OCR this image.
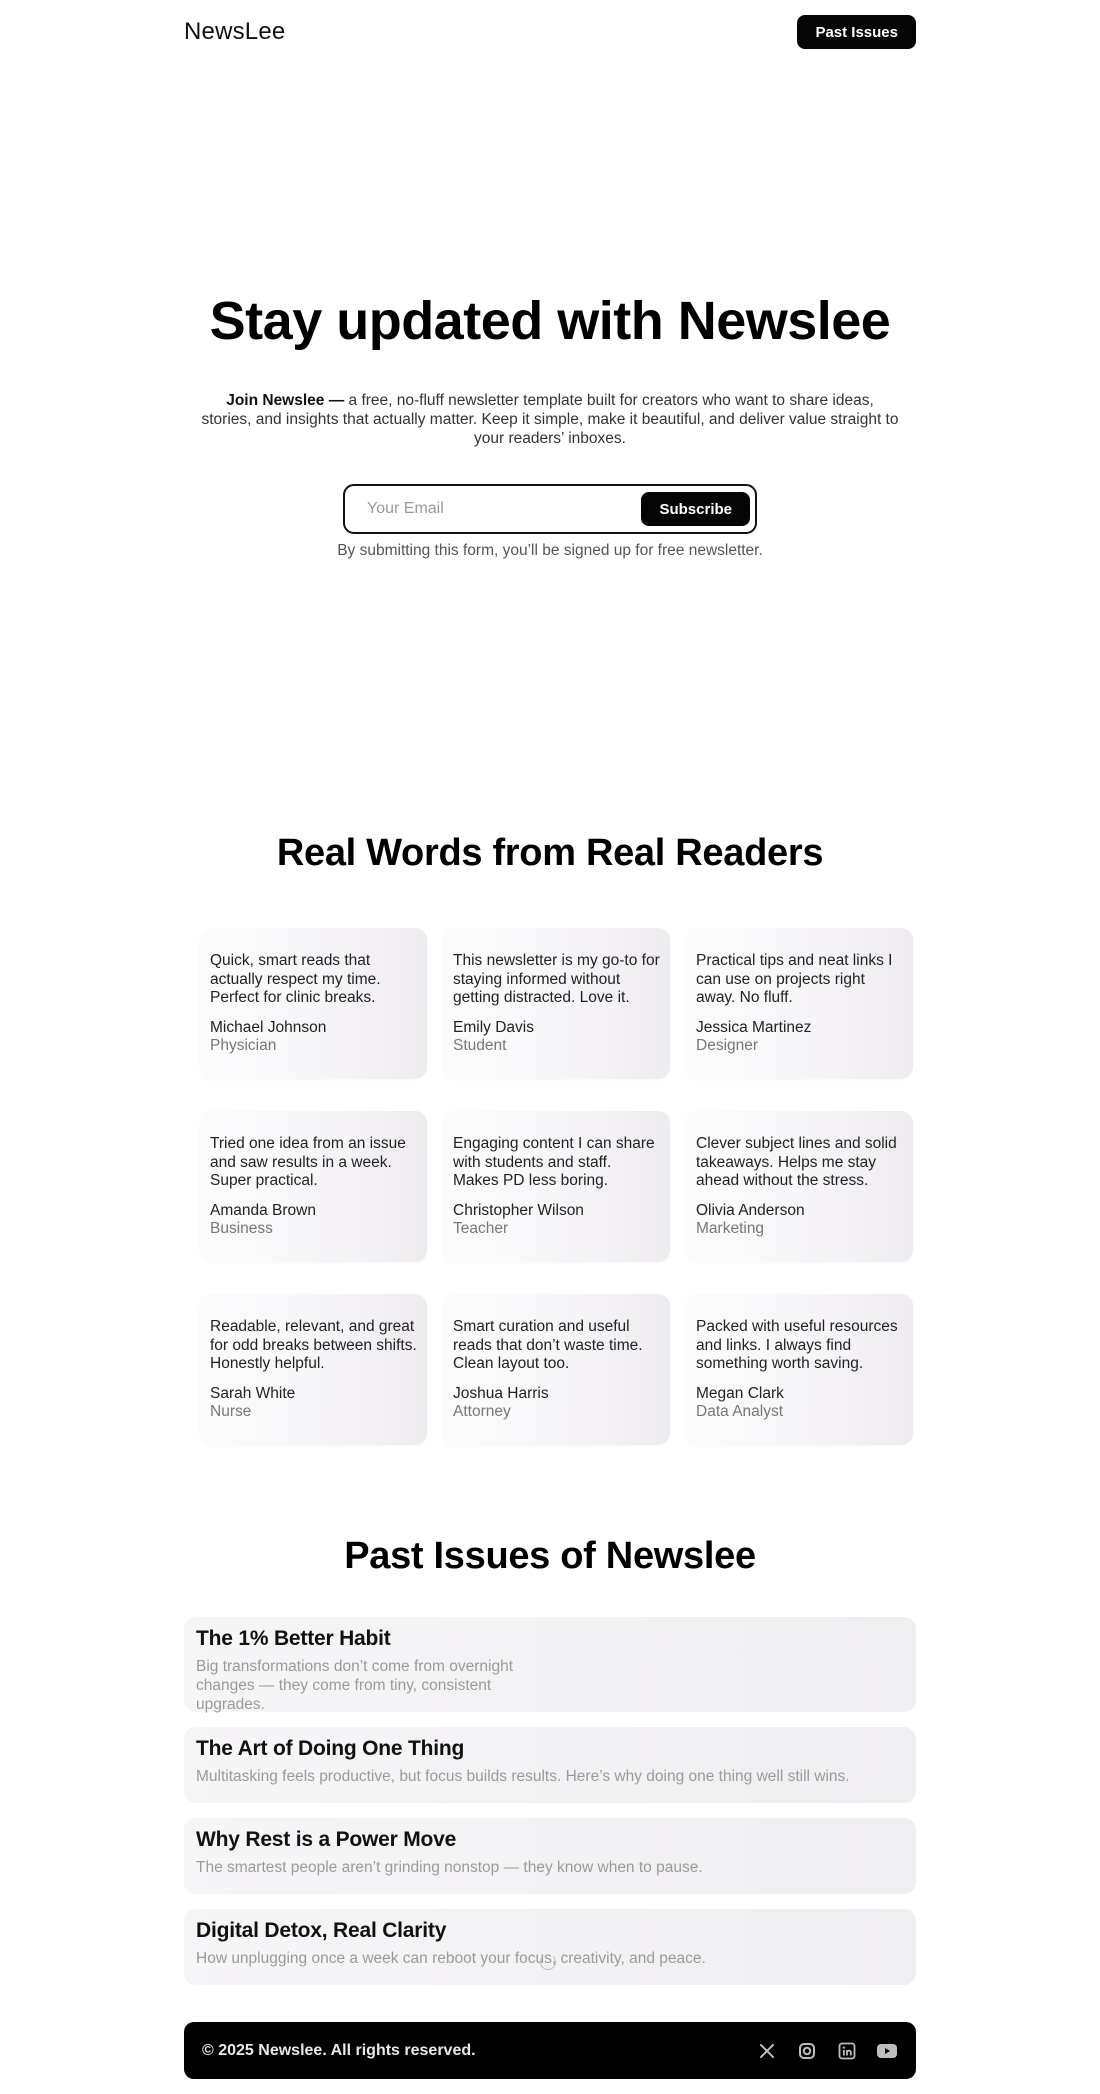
NewsLee	Past Issues
Stay updated with Newslee

Join Newslee — a free, no-fluff newsletter template built for creators who want to share ideas, stories, and insights that actually matter. Keep it simple, make it beautiful, and deliver value straight to your readers’ inboxes.

Your Email
Subscribe

By submitting this form, you’ll be signed up for free newsletter.

Real Words from Real Readers

Quick, smart reads that actually respect my time. Perfect for clinic breaks.

Michael Johnson

Physician

This newsletter is my go-to for staying informed without getting distracted. Love it.

Emily Davis

Student

Practical tips and neat links I can use on projects right away. No fluff.

Jessica Martinez

Designer

Tried one idea from an issue and saw results in a week. Super practical.

Amanda Brown

Business

Engaging content I can share with students and staff. Makes PD less boring.

Christopher Wilson

Teacher

Clever subject lines and solid takeaways. Helps me stay ahead without the stress.

Olivia Anderson

Marketing

Readable, relevant, and great for odd breaks between shifts. Honestly helpful.

Sarah White

Nurse

Smart curation and useful reads that don’t waste time. Clean layout too.

Joshua Harris

Attorney

Packed with useful resources and links. I always find something worth saving.

Megan Clark

Data Analyst

Past Issues of Newslee

The 1% Better Habit

Big transformations don’t come from overnight changes — they come from tiny, consistent upgrades.

The Art of Doing One Thing

Multitasking feels productive, but focus builds results. Here’s why doing one thing well still wins.

Why Rest is a Power Move

The smartest people aren’t grinding nonstop — they know when to pause.

Digital Detox, Real Clarity

How unplugging once a week can reboot your focus, creativity, and peace.

© 2025 Newslee. All rights reserved.
